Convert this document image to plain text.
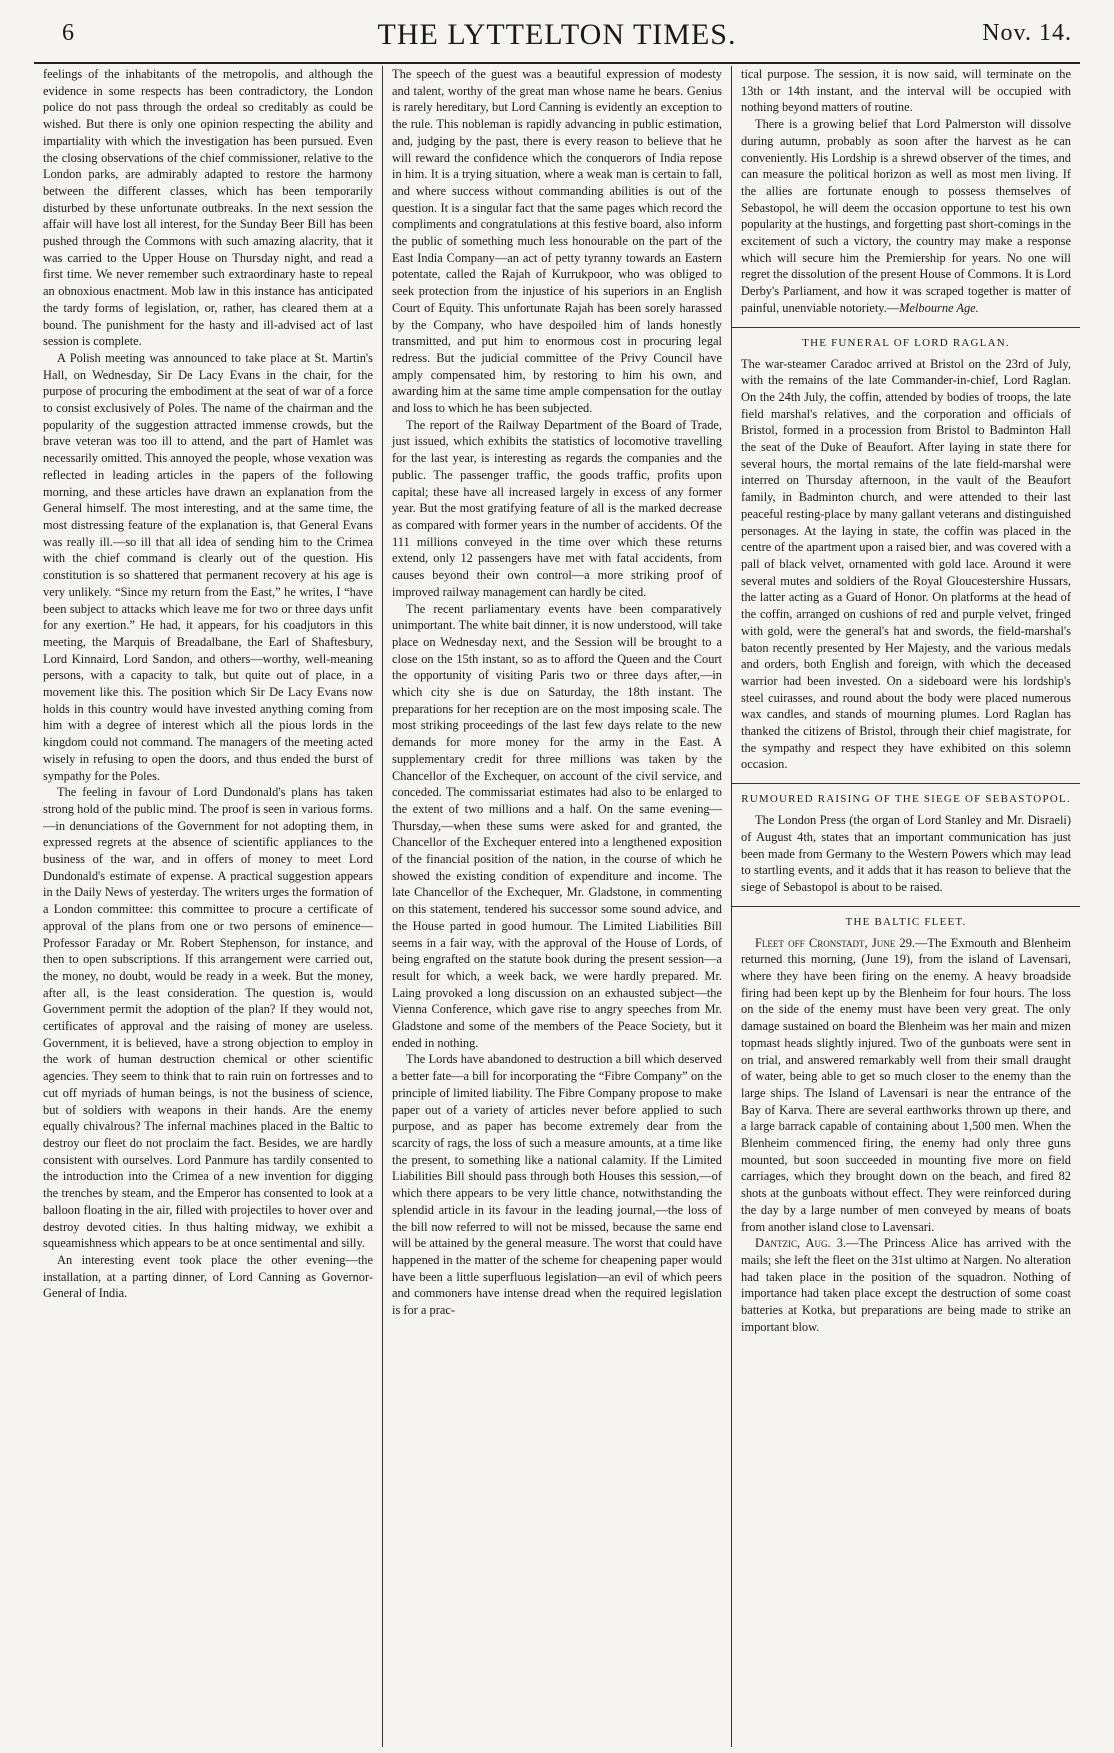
6	THE LYTTELTON TIMES.	Nov. 14.

feelings of the inhabitants of the metropolis, and although the evidence in some respects has been contradictory, the London police do not pass through the ordeal so creditably as could be wished. But there is only one opinion respecting the ability and impartiality with which the investigation has been pursued. Even the closing observations of the chief commissioner, relative to the London parks, are admirably adapted to restore the harmony between the different classes, which has been temporarily disturbed by these unfortunate outbreaks. In the next session the affair will have lost all interest, for the Sunday Beer Bill has been pushed through the Commons with such amazing alacrity, that it was carried to the Upper House on Thursday night, and read a first time. We never remember such extraordinary haste to repeal an obnoxious enactment. Mob law in this instance has anticipated the tardy forms of legislation, or, rather, has cleared them at a bound. The punishment for the hasty and ill-advised act of last session is complete.

A Polish meeting was announced to take place at St. Martin's Hall, on Wednesday, Sir De Lacy Evans in the chair, for the purpose of procuring the embodiment at the seat of war of a force to consist exclusively of Poles. The name of the chairman and the popularity of the suggestion attracted immense crowds, but the brave veteran was too ill to attend, and the part of Hamlet was necessarily omitted. This annoyed the people, whose vexation was reflected in leading articles in the papers of the following morning, and these articles have drawn an explanation from the General himself. The most interesting, and at the same time, the most distressing feature of the explanation is, that General Evans was really ill.—so ill that all idea of sending him to the Crimea with the chief command is clearly out of the question. His constitution is so shattered that permanent recovery at his age is very unlikely. “Since my return from the East,” he writes, I “have been subject to attacks which leave me for two or three days unfit for any exertion.” He had, it appears, for his coadjutors in this meeting, the Marquis of Breadalbane, the Earl of Shaftesbury, Lord Kinnaird, Lord Sandon, and others—worthy, well-meaning persons, with a capacity to talk, but quite out of place, in a movement like this. The position which Sir De Lacy Evans now holds in this country would have invested anything coming from him with a degree of interest which all the pious lords in the kingdom could not command. The managers of the meeting acted wisely in refusing to open the doors, and thus ended the burst of sympathy for the Poles.

The feeling in favour of Lord Dundonald's plans has taken strong hold of the public mind. The proof is seen in various forms.—in denunciations of the Government for not adopting them, in expressed regrets at the absence of scientific appliances to the business of the war, and in offers of money to meet Lord Dundonald's estimate of expense. A practical suggestion appears in the Daily News of yesterday. The writers urges the formation of a London committee: this committee to procure a certificate of approval of the plans from one or two persons of eminence—Professor Faraday or Mr. Robert Stephenson, for instance, and then to open subscriptions. If this arrangement were carried out, the money, no doubt, would be ready in a week. But the money, after all, is the least consideration. The question is, would Government permit the adoption of the plan? If they would not, certificates of approval and the raising of money are useless. Government, it is believed, have a strong objection to employ in the work of human destruction chemical or other scientific agencies. They seem to think that to rain ruin on fortresses and to cut off myriads of human beings, is not the business of science, but of soldiers with weapons in their hands. Are the enemy equally chivalrous? The infernal machines placed in the Baltic to destroy our fleet do not proclaim the fact. Besides, we are hardly consistent with ourselves. Lord Panmure has tardily consented to the introduction into the Crimea of a new invention for digging the trenches by steam, and the Emperor has consented to look at a balloon floating in the air, filled with projectiles to hover over and destroy devoted cities. In thus halting midway, we exhibit a squeamishness which appears to be at once sentimental and silly.

An interesting event took place the other evening—the installation, at a parting dinner, of Lord Canning as Governor-General of India.

The speech of the guest was a beautiful expression of modesty and talent, worthy of the great man whose name he bears. Genius is rarely hereditary, but Lord Canning is evidently an exception to the rule. This nobleman is rapidly advancing in public estimation, and, judging by the past, there is every reason to believe that he will reward the confidence which the conquerors of India repose in him. It is a trying situation, where a weak man is certain to fall, and where success without commanding abilities is out of the question. It is a singular fact that the same pages which record the compliments and congratulations at this festive board, also inform the public of something much less honourable on the part of the East India Company—an act of petty tyranny towards an Eastern potentate, called the Rajah of Kurrukpoor, who was obliged to seek protection from the injustice of his superiors in an English Court of Equity. This unfortunate Rajah has been sorely harassed by the Company, who have despoiled him of lands honestly transmitted, and put him to enormous cost in procuring legal redress. But the judicial committee of the Privy Council have amply compensated him, by restoring to him his own, and awarding him at the same time ample compensation for the outlay and loss to which he has been subjected.

The report of the Railway Department of the Board of Trade, just issued, which exhibits the statistics of locomotive travelling for the last year, is interesting as regards the companies and the public. The passenger traffic, the goods traffic, profits upon capital; these have all increased largely in excess of any former year. But the most gratifying feature of all is the marked decrease as compared with former years in the number of accidents. Of the 111 millions conveyed in the time over which these returns extend, only 12 passengers have met with fatal accidents, from causes beyond their own control—a more striking proof of improved railway management can hardly be cited.

The recent parliamentary events have been comparatively unimportant. The white bait dinner, it is now understood, will take place on Wednesday next, and the Session will be brought to a close on the 15th instant, so as to afford the Queen and the Court the opportunity of visiting Paris two or three days after,—in which city she is due on Saturday, the 18th instant. The preparations for her reception are on the most imposing scale. The most striking proceedings of the last few days relate to the new demands for more money for the army in the East. A supplementary credit for three millions was taken by the Chancellor of the Exchequer, on account of the civil service, and conceded. The commissariat estimates had also to be enlarged to the extent of two millions and a half. On the same evening—Thursday,—when these sums were asked for and granted, the Chancellor of the Exchequer entered into a lengthened exposition of the financial position of the nation, in the course of which he showed the existing condition of expenditure and income. The late Chancellor of the Exchequer, Mr. Gladstone, in commenting on this statement, tendered his successor some sound advice, and the House parted in good humour. The Limited Liabilities Bill seems in a fair way, with the approval of the House of Lords, of being engrafted on the statute book during the present session—a result for which, a week back, we were hardly prepared. Mr. Laing provoked a long discussion on an exhausted subject—the Vienna Conference, which gave rise to angry speeches from Mr. Gladstone and some of the members of the Peace Society, but it ended in nothing.

The Lords have abandoned to destruction a bill which deserved a better fate—a bill for incorporating the “Fibre Company” on the principle of limited liability. The Fibre Company propose to make paper out of a variety of articles never before applied to such purpose, and as paper has become extremely dear from the scarcity of rags, the loss of such a measure amounts, at a time like the present, to something like a national calamity. If the Limited Liabilities Bill should pass through both Houses this session,—of which there appears to be very little chance, notwithstanding the splendid article in its favour in the leading journal,—the loss of the bill now referred to will not be missed, because the same end will be attained by the general measure. The worst that could have happened in the matter of the scheme for cheapening paper would have been a little superfluous legislation—an evil of which peers and commoners have intense dread when the required legislation is for a prac-

tical purpose. The session, it is now said, will terminate on the 13th or 14th instant, and the interval will be occupied with nothing beyond matters of routine.

There is a growing belief that Lord Palmerston will dissolve during autumn, probably as soon after the harvest as he can conveniently. His Lordship is a shrewd observer of the times, and can measure the political horizon as well as most men living. If the allies are fortunate enough to possess themselves of Sebastopol, he will deem the occasion opportune to test his own popularity at the hustings, and forgetting past short-comings in the excitement of such a victory, the country may make a response which will secure him the Premiership for years. No one will regret the dissolution of the present House of Commons. It is Lord Derby's Parliament, and how it was scraped together is matter of painful, unenviable notoriety.—Melbourne Age.

THE FUNERAL OF LORD RAGLAN.

The war-steamer Caradoc arrived at Bristol on the 23rd of July, with the remains of the late Commander-in-chief, Lord Raglan. On the 24th July, the coffin, attended by bodies of troops, the late field marshal's relatives, and the corporation and officials of Bristol, formed in a procession from Bristol to Badminton Hall the seat of the Duke of Beaufort. After laying in state there for several hours, the mortal remains of the late field-marshal were interred on Thursday afternoon, in the vault of the Beaufort family, in Badminton church, and were attended to their last peaceful resting-place by many gallant veterans and distinguished personages. At the laying in state, the coffin was placed in the centre of the apartment upon a raised bier, and was covered with a pall of black velvet, ornamented with gold lace. Around it were several mutes and soldiers of the Royal Gloucestershire Hussars, the latter acting as a Guard of Honor. On platforms at the head of the coffin, arranged on cushions of red and purple velvet, fringed with gold, were the general's hat and swords, the field-marshal's baton recently presented by Her Majesty, and the various medals and orders, both English and foreign, with which the deceased warrior had been invested. On a sideboard were his lordship's steel cuirasses, and round about the body were placed numerous wax candles, and stands of mourning plumes. Lord Raglan has thanked the citizens of Bristol, through their chief magistrate, for the sympathy and respect they have exhibited on this solemn occasion.

RUMOURED RAISING OF THE SIEGE OF SEBASTOPOL.

The London Press (the organ of Lord Stanley and Mr. Disraeli) of August 4th, states that an important communication has just been made from Germany to the Western Powers which may lead to startling events, and it adds that it has reason to believe that the siege of Sebastopol is about to be raised.

THE BALTIC FLEET.

Fleet off Cronstadt, June 29.—The Exmouth and Blenheim returned this morning, (June 19), from the island of Lavensari, where they have been firing on the enemy. A heavy broadside firing had been kept up by the Blenheim for four hours. The loss on the side of the enemy must have been very great. The only damage sustained on board the Blenheim was her main and mizen topmast heads slightly injured. Two of the gunboats were sent in on trial, and answered remarkably well from their small draught of water, being able to get so much closer to the enemy than the large ships. The Island of Lavensari is near the entrance of the Bay of Karva. There are several earthworks thrown up there, and a large barrack capable of containing about 1,500 men. When the Blenheim commenced firing, the enemy had only three guns mounted, but soon succeeded in mounting five more on field carriages, which they brought down on the beach, and fired 82 shots at the gunboats without effect. They were reinforced during the day by a large number of men conveyed by means of boats from another island close to Lavensari.

Dantzic, Aug. 3.—The Princess Alice has arrived with the mails; she left the fleet on the 31st ultimo at Nargen. No alteration had taken place in the position of the squadron. Nothing of importance had taken place except the destruction of some coast batteries at Kotka, but preparations are being made to strike an important blow.
